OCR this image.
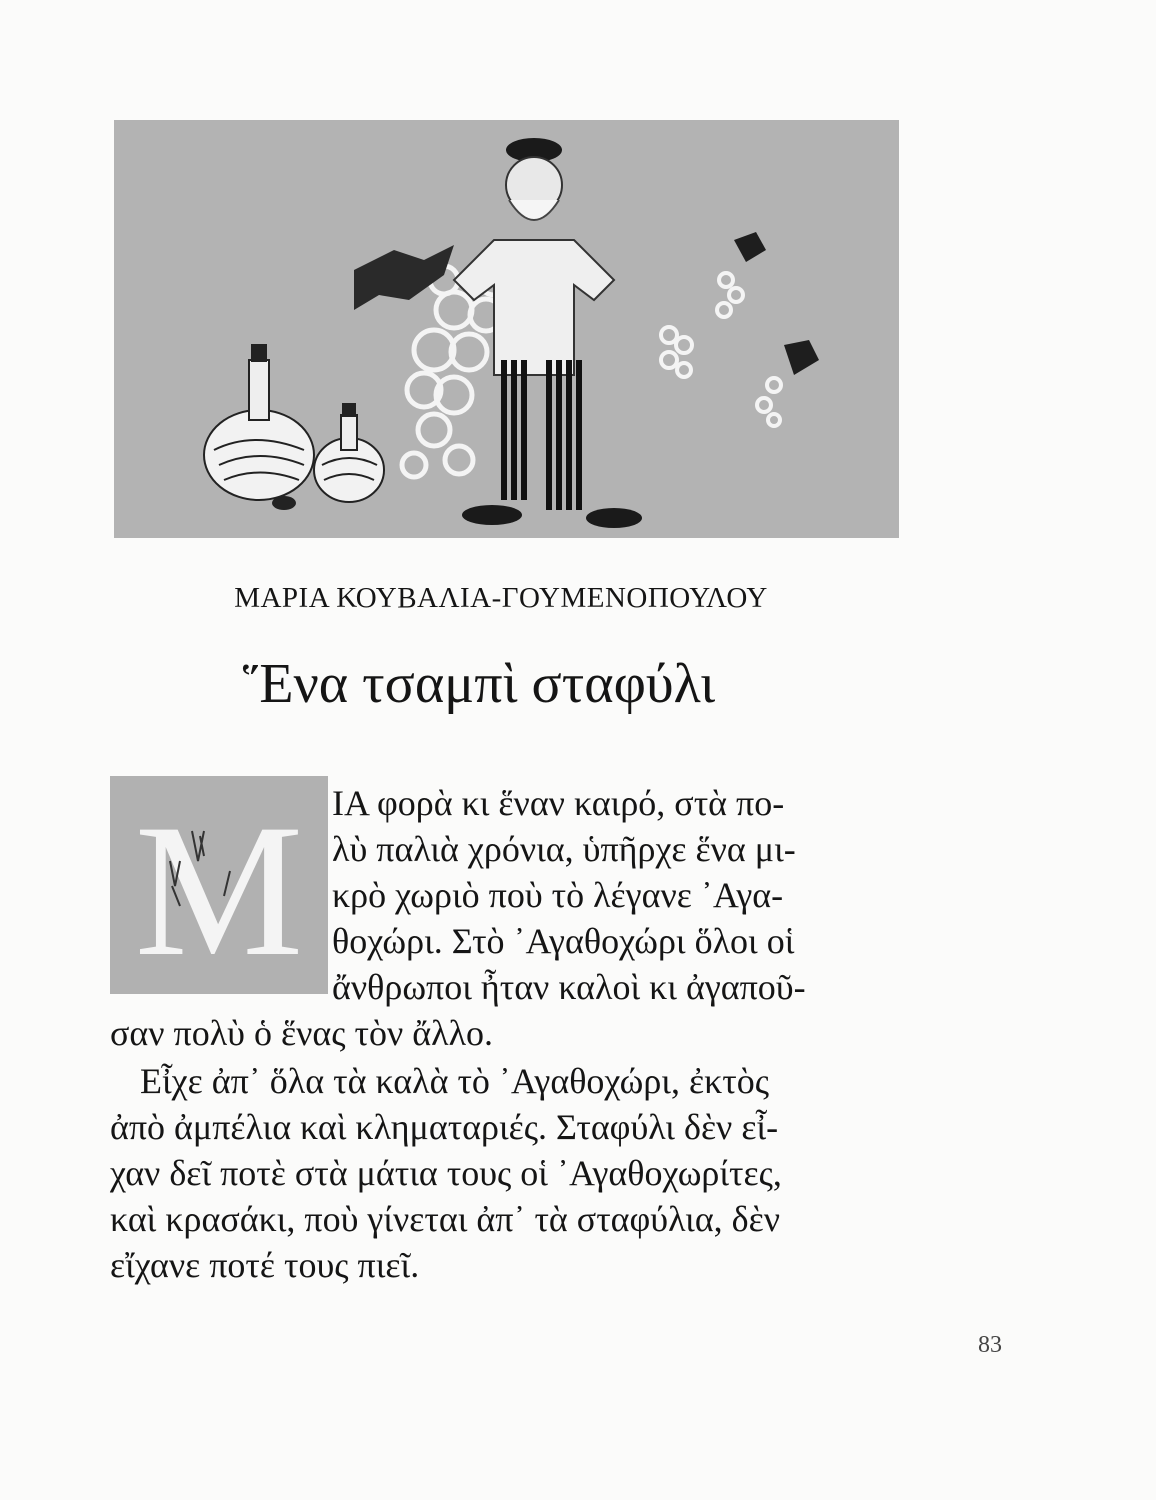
ΜΑΡΙΑ ΚΟΥΒΑΛΙΑ-ΓΟΥΜΕΝΟΠΟΥΛΟΥ
Ἕνα τσαμπὶ σταφύλι
M ΙΑ φορὰ κι ἕναν καιρό, στὰ πο-
λὺ παλιὰ χρόνια, ὑπῆρχε ἕνα μι-
κρὸ χωριὸ ποὺ τὸ λέγανε ᾿Αγα-
θοχώρι. Στὸ ᾿Αγαθοχώρι ὅλοι οἱ
ἄνθρωποι ἦταν καλοὶ κι ἀγαποῦ-
σαν πολὺ ὁ ἕνας τὸν ἄλλο.
Εἶχε ἀπ᾿ ὅλα τὰ καλὰ τὸ ᾿Αγαθοχώρι, ἐκτὸς
ἀπὸ ἀμπέλια καὶ κληματαριές. Σταφύλι δὲν εἶ-
χαν δεῖ ποτὲ στὰ μάτια τους οἱ ᾿Αγαθοχωρίτες,
καὶ κρασάκι, ποὺ γίνεται ἀπ᾿ τὰ σταφύλια, δὲν
εἴχανε ποτέ τους πιεῖ.
83
